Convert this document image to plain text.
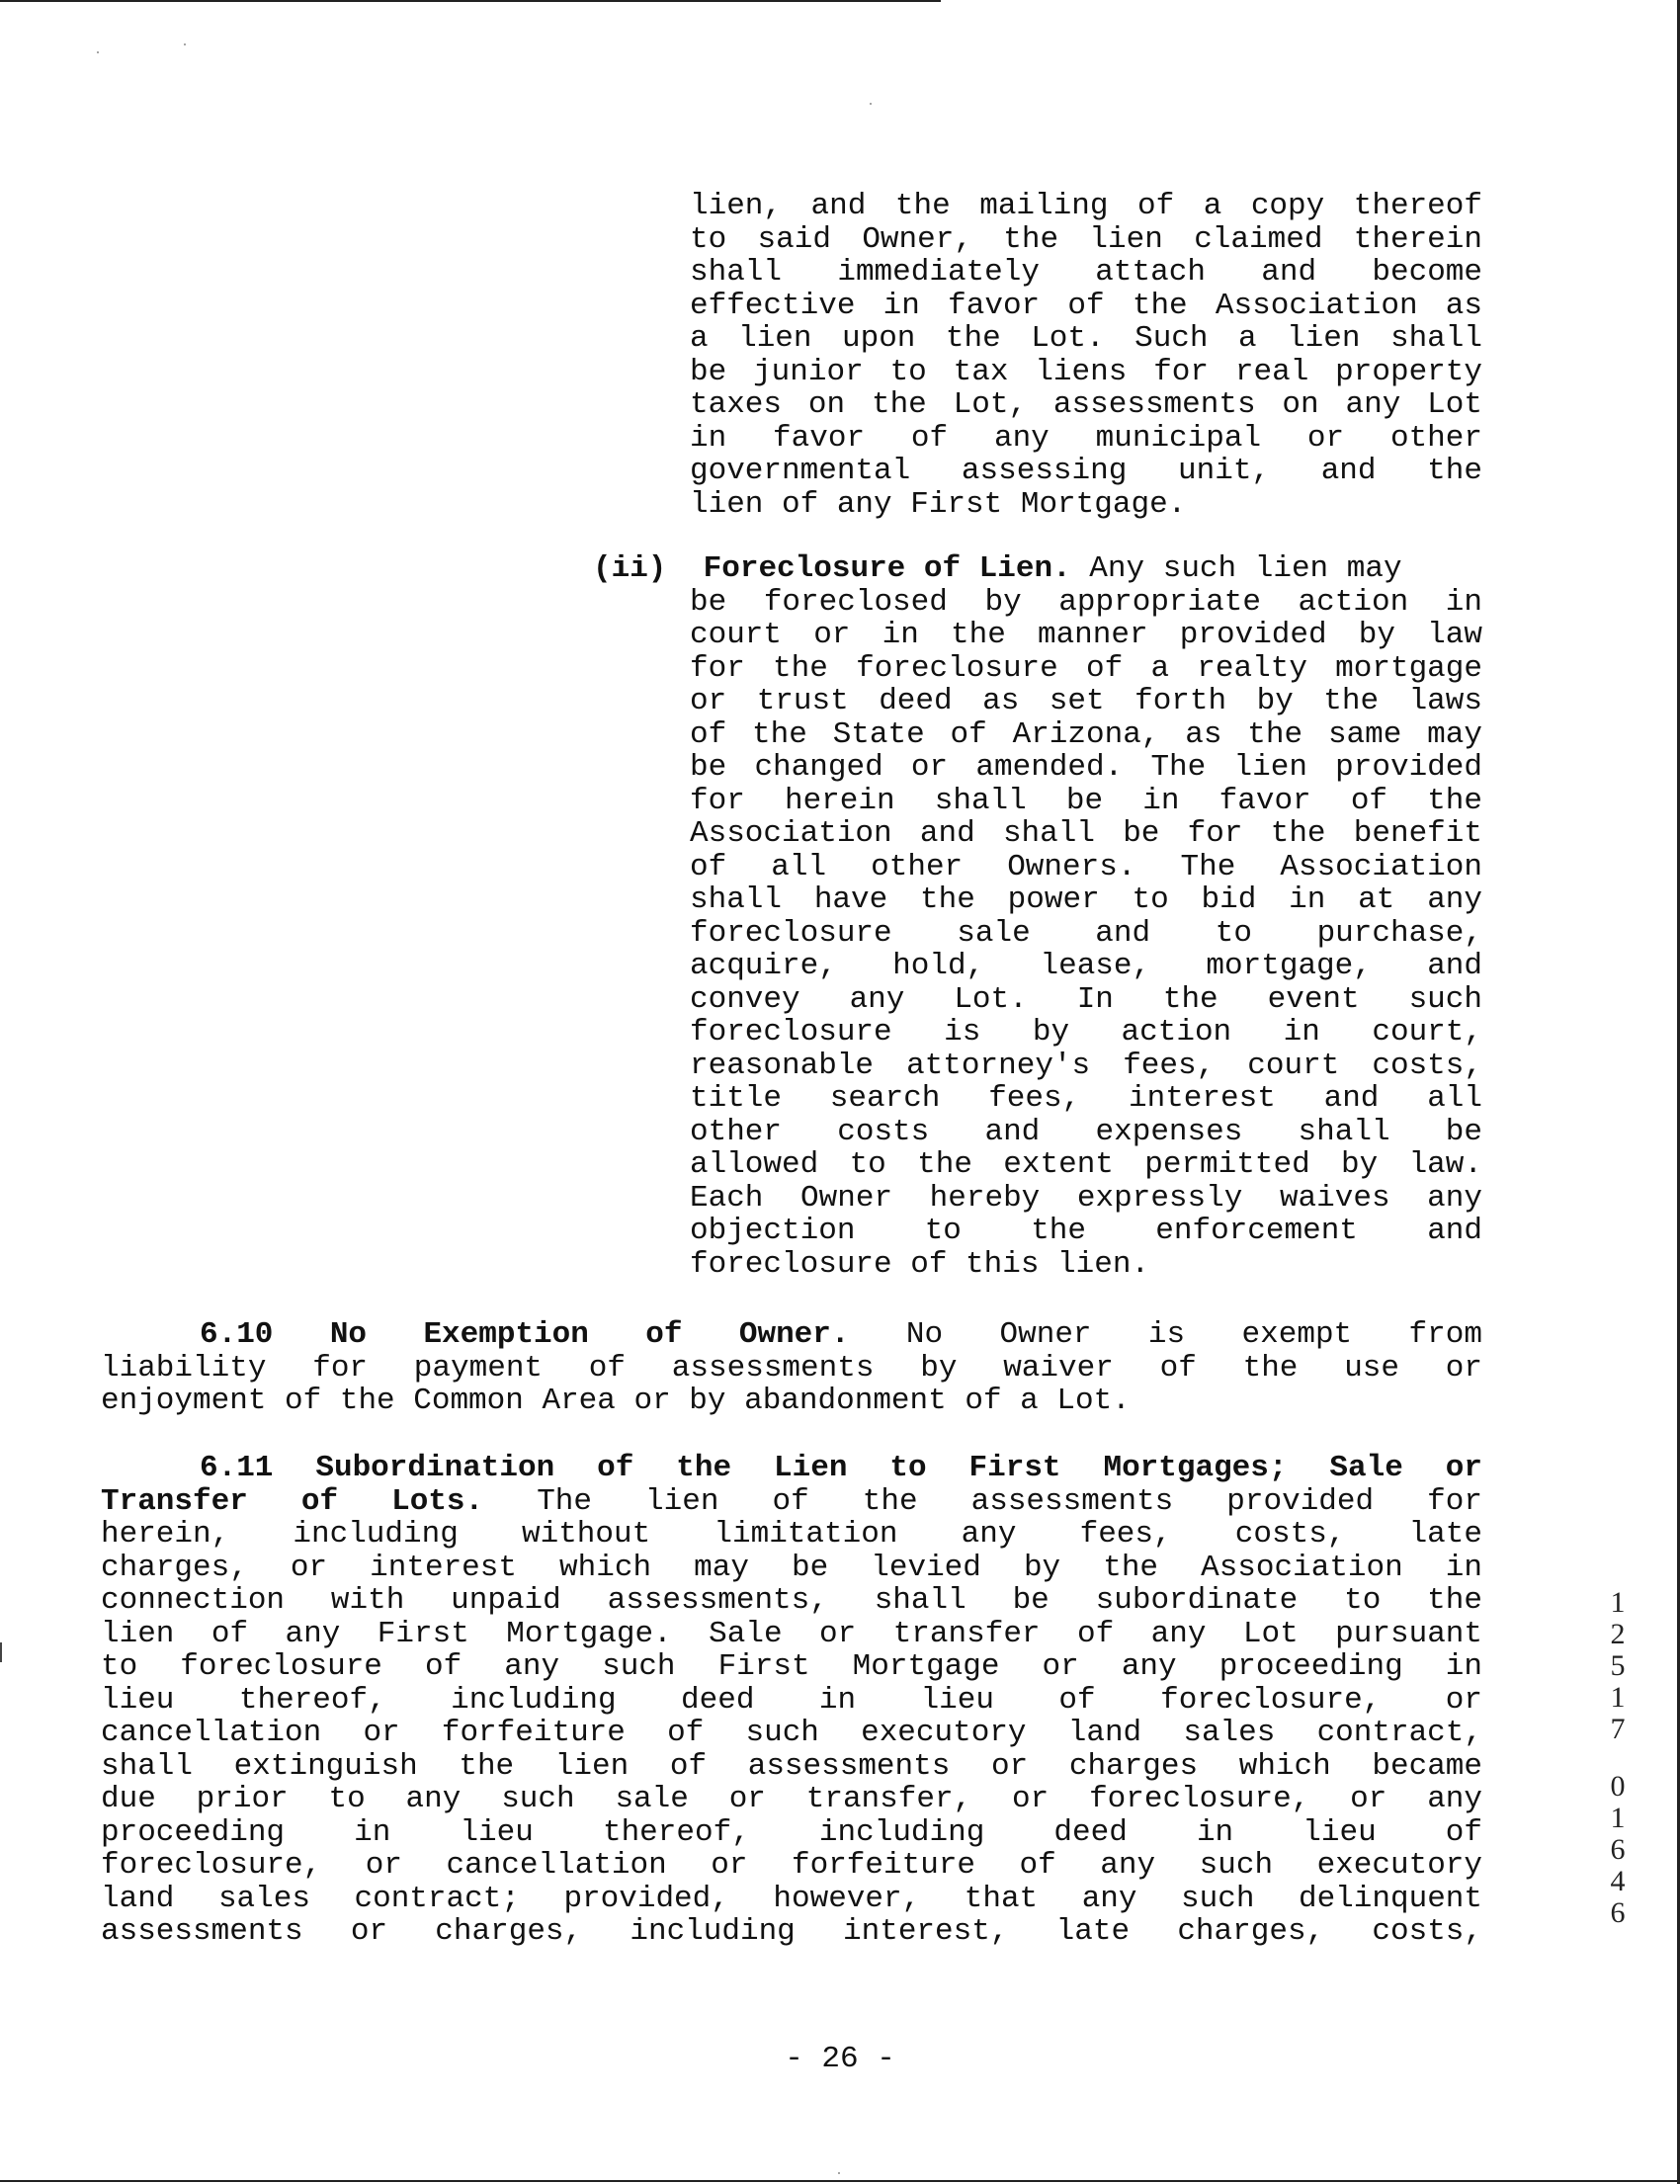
lien, and the mailing of a copy thereof
to said Owner, the lien claimed therein
shall immediately attach and become
effective in favor of the Association as
a lien upon the Lot. Such a lien shall
be junior to tax liens for real property
taxes on the Lot, assessments on any Lot
in favor of any municipal or other
governmental assessing unit, and the
lien of any First Mortgage.
(ii) Foreclosure of Lien. Any such lien may
be foreclosed by appropriate action in
court or in the manner provided by law
for the foreclosure of a realty mortgage
or trust deed as set forth by the laws
of the State of Arizona, as the same may
be changed or amended. The lien provided
for herein shall be in favor of the
Association and shall be for the benefit
of all other Owners. The Association
shall have the power to bid in at any
foreclosure sale and to purchase,
acquire, hold, lease, mortgage, and
convey any Lot. In the event such
foreclosure is by action in court,
reasonable attorney's fees, court costs,
title search fees, interest and all
other costs and expenses shall be
allowed to the extent permitted by law.
Each Owner hereby expressly waives any
objection to the enforcement and
foreclosure of this lien.
6.10 No Exemption of Owner. No Owner is exempt from
liability for payment of assessments by waiver of the use or
enjoyment of the Common Area or by abandonment of a Lot.
6.11 Subordination of the Lien to First Mortgages; Sale or
Transfer of Lots. The lien of the assessments provided for
herein, including without limitation any fees, costs, late
charges, or interest which may be levied by the Association in
connection with unpaid assessments, shall be subordinate to the
lien of any First Mortgage. Sale or transfer of any Lot pursuant
to foreclosure of any such First Mortgage or any proceeding in
lieu thereof, including deed in lieu of foreclosure, or
cancellation or forfeiture of such executory land sales contract,
shall extinguish the lien of assessments or charges which became
due prior to any such sale or transfer, or foreclosure, or any
proceeding in lieu thereof, including deed in lieu of
foreclosure, or cancellation or forfeiture of any such executory
land sales contract; provided, however, that any such delinquent
assessments or charges, including interest, late charges, costs,
1
2
5
1
7
0
1
6
4
6
- 26 -
